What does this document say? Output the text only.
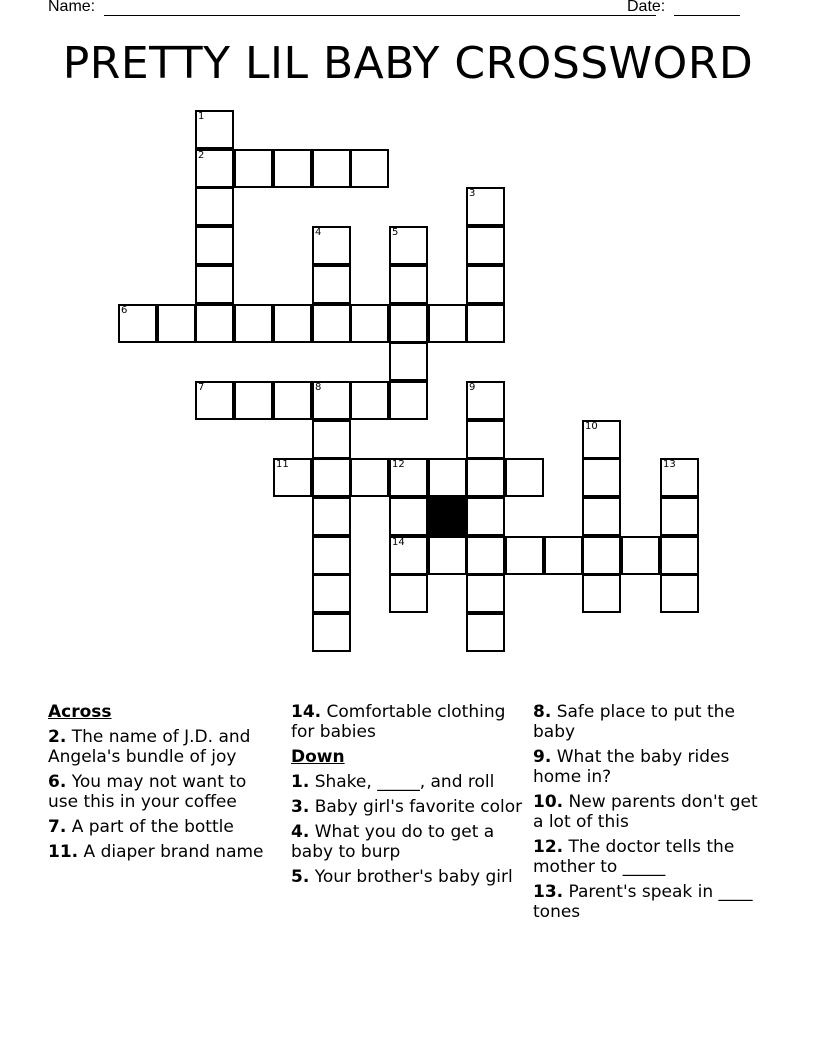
Name:	Date:
PRETTY LIL BABY CROSSWORD
1
2
3
4	5
6
7	8	9
10
11	12	13
14
Across
2. The name of J.D. and Angela's bundle of joy
6. You may not want to use this in your coffee
7. A part of the bottle
11. A diaper brand name
14. Comfortable clothing for babies
Down
1. Shake, _____, and roll
3. Baby girl's favorite color
4. What you do to get a baby to burp
5. Your brother's baby girl
8. Safe place to put the baby
9. What the baby rides home in?
10. New parents don't get a lot of this
12. The doctor tells the mother to _____
13. Parent's speak in ____ tones
